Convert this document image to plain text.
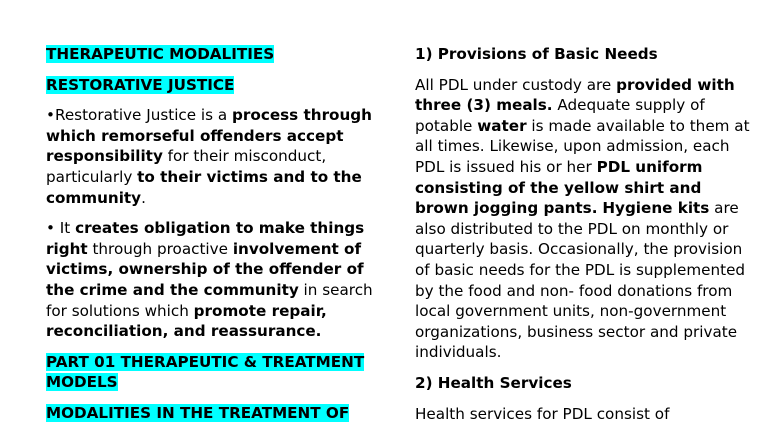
THERAPEUTIC MODALITIES
RESTORATIVE JUSTICE
•Restorative Justice is a process through which remorseful offenders accept responsibility for their misconduct, particularly to their victims and to the community.
• It creates obligation to make things right through proactive involvement of victims, ownership of the offender of the crime and the community in search for solutions which promote repair, reconciliation, and reassurance.
PART 01 THERAPEUTIC & TREATMENT MODELS
MODALITIES IN THE TREATMENT OF
1) Provisions of Basic Needs
All PDL under custody are provided with three (3) meals. Adequate supply of potable water is made available to them at all times. Likewise, upon admission, each PDL is issued his or her PDL uniform consisting of the yellow shirt and brown jogging pants. Hygiene kits are also distributed to the PDL on monthly or quarterly basis. Occasionally, the provision of basic needs for the PDL is supplemented by the food and non- food donations from local government units, non-government organizations, business sector and private individuals.
2) Health Services
Health services for PDL consist of
